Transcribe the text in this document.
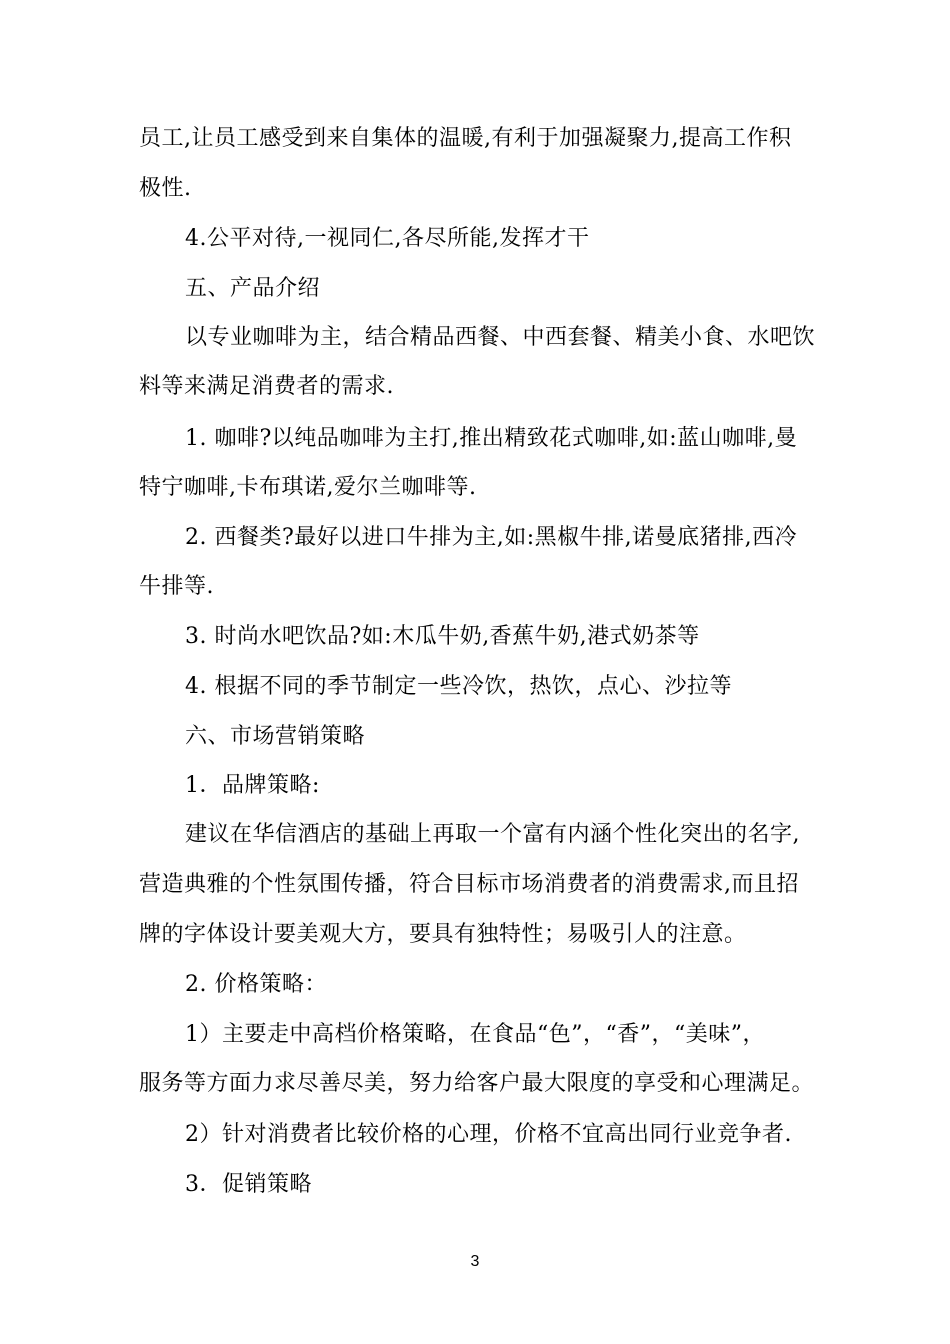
员工,让员工感受到来自集体的温暖,有利于加强凝聚力,提高工作积
极性.
4.公平对待,一视同仁,各尽所能,发挥才干
五、产品介绍
以专业咖啡为主，结合精品西餐、中西套餐、精美小食、水吧饮
料等来满足消费者的需求.
1. 咖啡?以纯品咖啡为主打,推出精致花式咖啡,如:蓝山咖啡,曼
特宁咖啡,卡布琪诺,爱尔兰咖啡等.
2. 西餐类?最好以进口牛排为主,如:黑椒牛排,诺曼底猪排,西冷
牛排等.
3. 时尚水吧饮品?如:木瓜牛奶,香蕉牛奶,港式奶茶等
4. 根据不同的季节制定一些冷饮，热饮，点心、沙拉等
六、市场营销策略
1．品牌策略:
建议在华信酒店的基础上再取一个富有内涵个性化突出的名字,
营造典雅的个性氛围传播，符合目标市场消费者的消费需求,而且招
牌的字体设计要美观大方，要具有独特性；易吸引人的注意。
2. 价格策略：
1）主要走中高档价格策略，在食品“色”，“香”，“美味”，
服务等方面力求尽善尽美，努力给客户最大限度的享受和心理满足。
2）针对消费者比较价格的心理，价格不宜高出同行业竞争者.
3．促销策略
3
